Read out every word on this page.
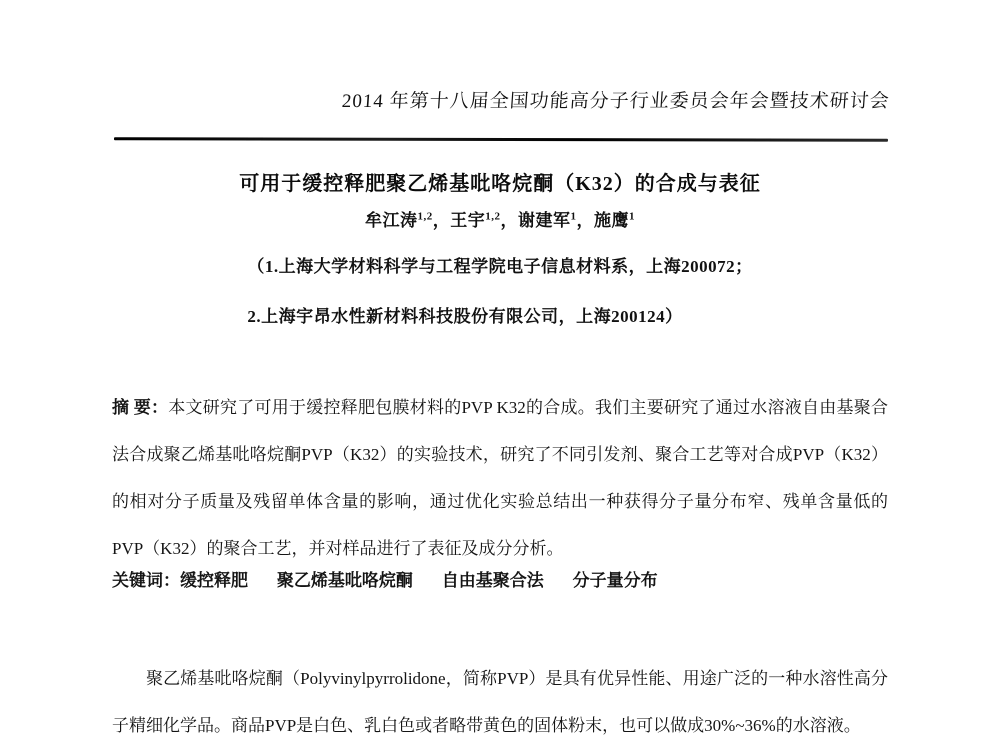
2014 年第十八届全国功能高分子行业委员会年会暨技术研讨会
可用于缓控释肥聚乙烯基吡咯烷酮（K32）的合成与表征
牟江涛$^{1,2}$，王宇$^{1,2}$，谢建军$^1$，施鹰$^1$
（1.上海大学材料科学与工程学院电子信息材料系，上海200072；
2.上海宇昂水性新材料科技股份有限公司，上海200124）

摘 要：本文研究了可用于缓控释肥包膜材料的PVP K32的合成。我们主要研究了通过水溶液自由基聚合法合成聚乙烯基吡咯烷酮PVP（K32）的实验技术，研究了不同引发剂、聚合工艺等对合成PVP（K32）的相对分子质量及残留单体含量的影响，通过优化实验总结出一种获得分子量分布窄、残单含量低的PVP（K32）的聚合工艺，并对样品进行了表征及成分分析。

关键词：缓控释肥 聚乙烯基吡咯烷酮 自由基聚合法 分子量分布

聚乙烯基吡咯烷酮（Polyvinylpyrrolidone，简称PVP）是具有优异性能、用途广泛的一种水溶性高分子精细化学品。商品PVP是白色、乳白色或者略带黄色的固体粉末，也可以做成30%~36%的水溶液。
